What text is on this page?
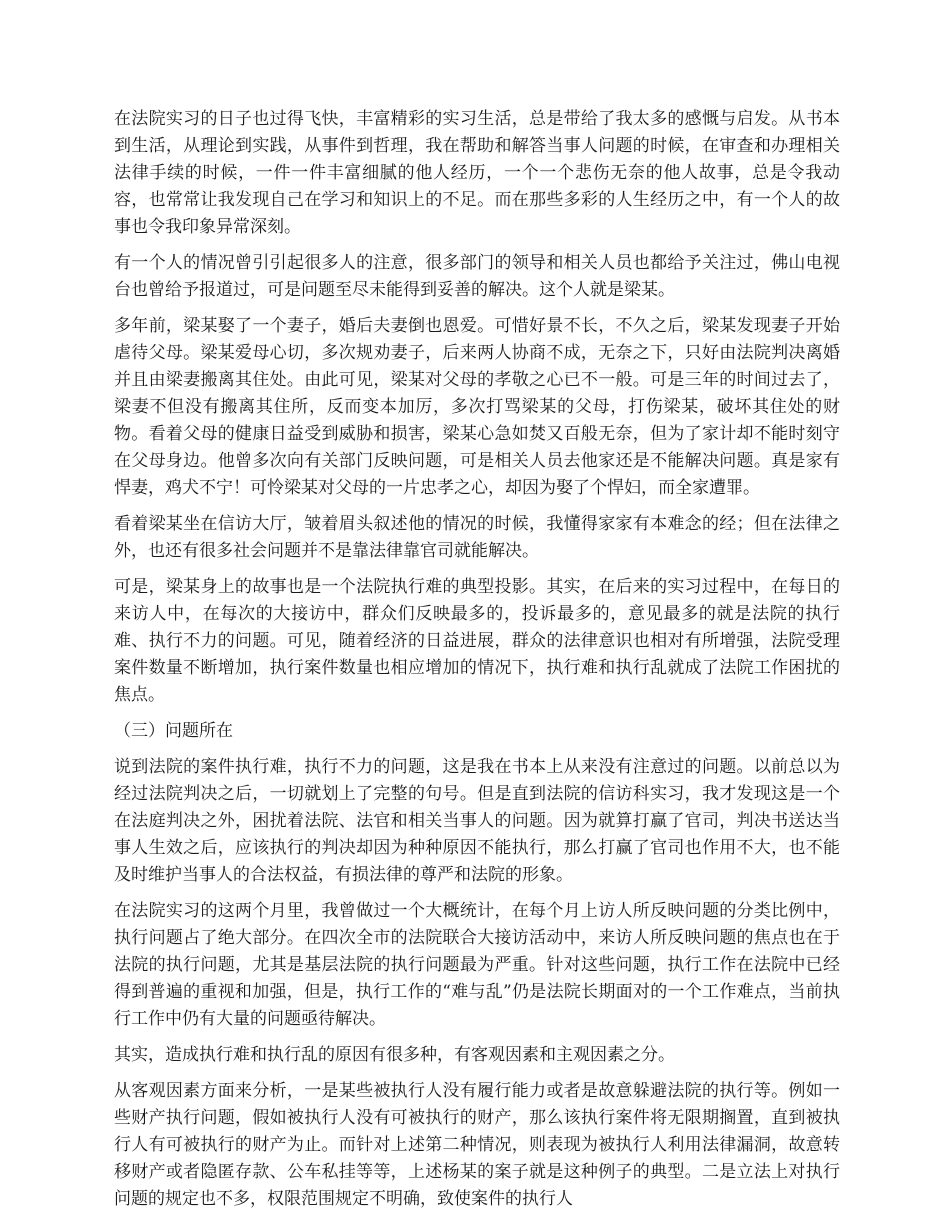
在法院实习的日子也过得飞快，丰富精彩的实习生活，总是带给了我太多的感慨与启发。从书本到生活，从理论到实践，从事件到哲理，我在帮助和解答当事人问题的时候，在审查和办理相关法律手续的时候，一件一件丰富细腻的他人经历，一个一个悲伤无奈的他人故事，总是令我动容，也常常让我发现自己在学习和知识上的不足。而在那些多彩的人生经历之中，有一个人的故事也令我印象异常深刻。

有一个人的情况曾引引起很多人的注意，很多部门的领导和相关人员也都给予关注过，佛山电视台也曾给予报道过，可是问题至尽未能得到妥善的解决。这个人就是梁某。

多年前，梁某娶了一个妻子，婚后夫妻倒也恩爱。可惜好景不长，不久之后，梁某发现妻子开始虐待父母。梁某爱母心切，多次规劝妻子，后来两人协商不成，无奈之下，只好由法院判决离婚并且由梁妻搬离其住处。由此可见，梁某对父母的孝敬之心已不一般。可是三年的时间过去了，梁妻不但没有搬离其住所，反而变本加厉，多次打骂梁某的父母，打伤梁某，破坏其住处的财物。看着父母的健康日益受到威胁和损害，梁某心急如焚又百般无奈，但为了家计却不能时刻守在父母身边。他曾多次向有关部门反映问题，可是相关人员去他家还是不能解决问题。真是家有悍妻，鸡犬不宁！可怜梁某对父母的一片忠孝之心，却因为娶了个悍妇，而全家遭罪。

看着梁某坐在信访大厅，皱着眉头叙述他的情况的时候，我懂得家家有本难念的经；但在法律之外，也还有很多社会问题并不是靠法律靠官司就能解决。

可是，梁某身上的故事也是一个法院执行难的典型投影。其实，在后来的实习过程中，在每日的来访人中，在每次的大接访中，群众们反映最多的，投诉最多的，意见最多的就是法院的执行难、执行不力的问题。可见，随着经济的日益进展，群众的法律意识也相对有所增强，法院受理案件数量不断增加，执行案件数量也相应增加的情况下，执行难和执行乱就成了法院工作困扰的焦点。

（三）问题所在

说到法院的案件执行难，执行不力的问题，这是我在书本上从来没有注意过的问题。以前总以为经过法院判决之后，一切就划上了完整的句号。但是直到法院的信访科实习，我才发现这是一个在法庭判决之外，困扰着法院、法官和相关当事人的问题。因为就算打赢了官司，判决书送达当事人生效之后，应该执行的判决却因为种种原因不能执行，那么打赢了官司也作用不大，也不能及时维护当事人的合法权益，有损法律的尊严和法院的形象。

在法院实习的这两个月里，我曾做过一个大概统计，在每个月上访人所反映问题的分类比例中，执行问题占了绝大部分。在四次全市的法院联合大接访活动中，来访人所反映问题的焦点也在于法院的执行问题，尤其是基层法院的执行问题最为严重。针对这些问题，执行工作在法院中已经得到普遍的重视和加强，但是，执行工作的“难与乱”仍是法院长期面对的一个工作难点，当前执行工作中仍有大量的问题亟待解决。

其实，造成执行难和执行乱的原因有很多种，有客观因素和主观因素之分。

从客观因素方面来分析，一是某些被执行人没有履行能力或者是故意躲避法院的执行等。例如一些财产执行问题，假如被执行人没有可被执行的财产，那么该执行案件将无限期搁置，直到被执行人有可被执行的财产为止。而针对上述第二种情况，则表现为被执行人利用法律漏洞，故意转移财产或者隐匿存款、公车私挂等等，上述杨某的案子就是这种例子的典型。二是立法上对执行问题的规定也不多，权限范围规定不明确，致使案件的执行人
